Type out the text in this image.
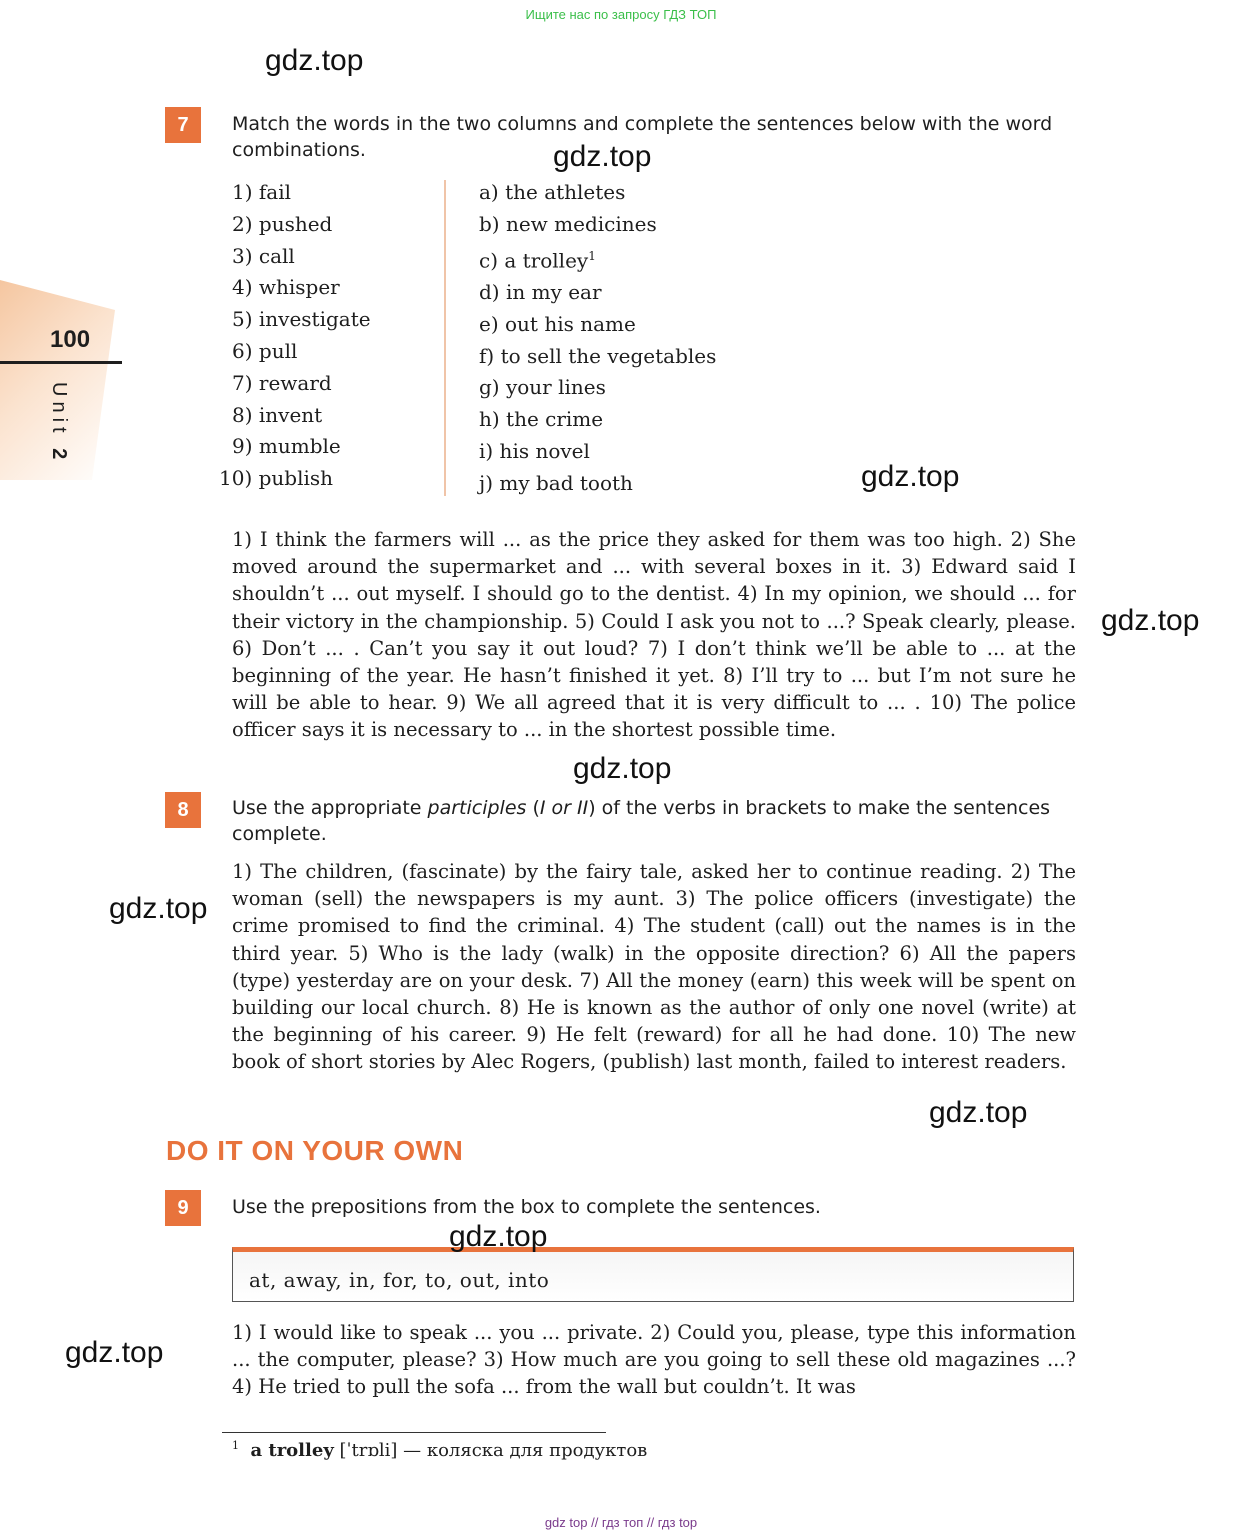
Ищите нас по запросу ГДЗ ТОП
100
Unit 2
7	Match the words in the two columns and complete the sentences below with the word combinations.
1) fail
2) pushed
3) call
4) whisper
5) investigate
6) pull
7) reward
8) invent
9) mumble
10) publish
a) the athletes
b) new medicines
c) a trolley$^1$
d) in my ear
e) out his name
f) to sell the vegetables
g) your lines
h) the crime
i) his novel
j) my bad tooth
1) I think the farmers will ... as the price they asked for them was too high. 2) She moved around the supermarket and ... with several boxes in it. 3) Edward said I shouldn’t ... out myself. I should go to the dentist. 4) In my opinion, we should ... for their victory in the championship. 5) Could I ask you not to ...? Speak clearly, please. 6) Don’t ... . Can’t you say it out loud? 7) I don’t think we’ll be able to ... at the beginning of the year. He hasn’t finished it yet. 8) I’ll try to ... but I’m not sure he will be able to hear. 9) We all agreed that it is very difficult to ... . 10) The police officer says it is necessary to ... in the shortest possible time.
8	Use the appropriate participles (I or II) of the verbs in brackets to make the sentences complete.
1) The children, (fascinate) by the fairy tale, asked her to continue reading. 2) The woman (sell) the newspapers is my aunt. 3) The police officers (investigate) the crime promised to find the criminal. 4) The student (call) out the names is in the third year. 5) Who is the lady (walk) in the opposite direction? 6) All the papers (type) yesterday are on your desk. 7) All the money (earn) this week will be spent on building our local church. 8) He is known as the author of only one novel (write) at the beginning of his career. 9) He felt (reward) for all he had done. 10) The new book of short stories by Alec Rogers, (publish) last month, failed to interest readers.
DO IT ON YOUR OWN
9	Use the prepositions from the box to complete the sentences.
at, away, in, for, to, out, into
1) I would like to speak ... you ... private. 2) Could you, please, type this information ... the computer, please? 3) How much are you going to sell these old magazines ...? 4) He tried to pull the sofa ... from the wall but couldn’t. It was
$^1$ a trolley [ˈtrɒli] — коляска для продуктов
gdz.top
gdz.top
gdz.top
gdz.top
gdz.top
gdz.top
gdz.top
gdz.top
gdz.top
gdz top // гдз топ // гдз top
